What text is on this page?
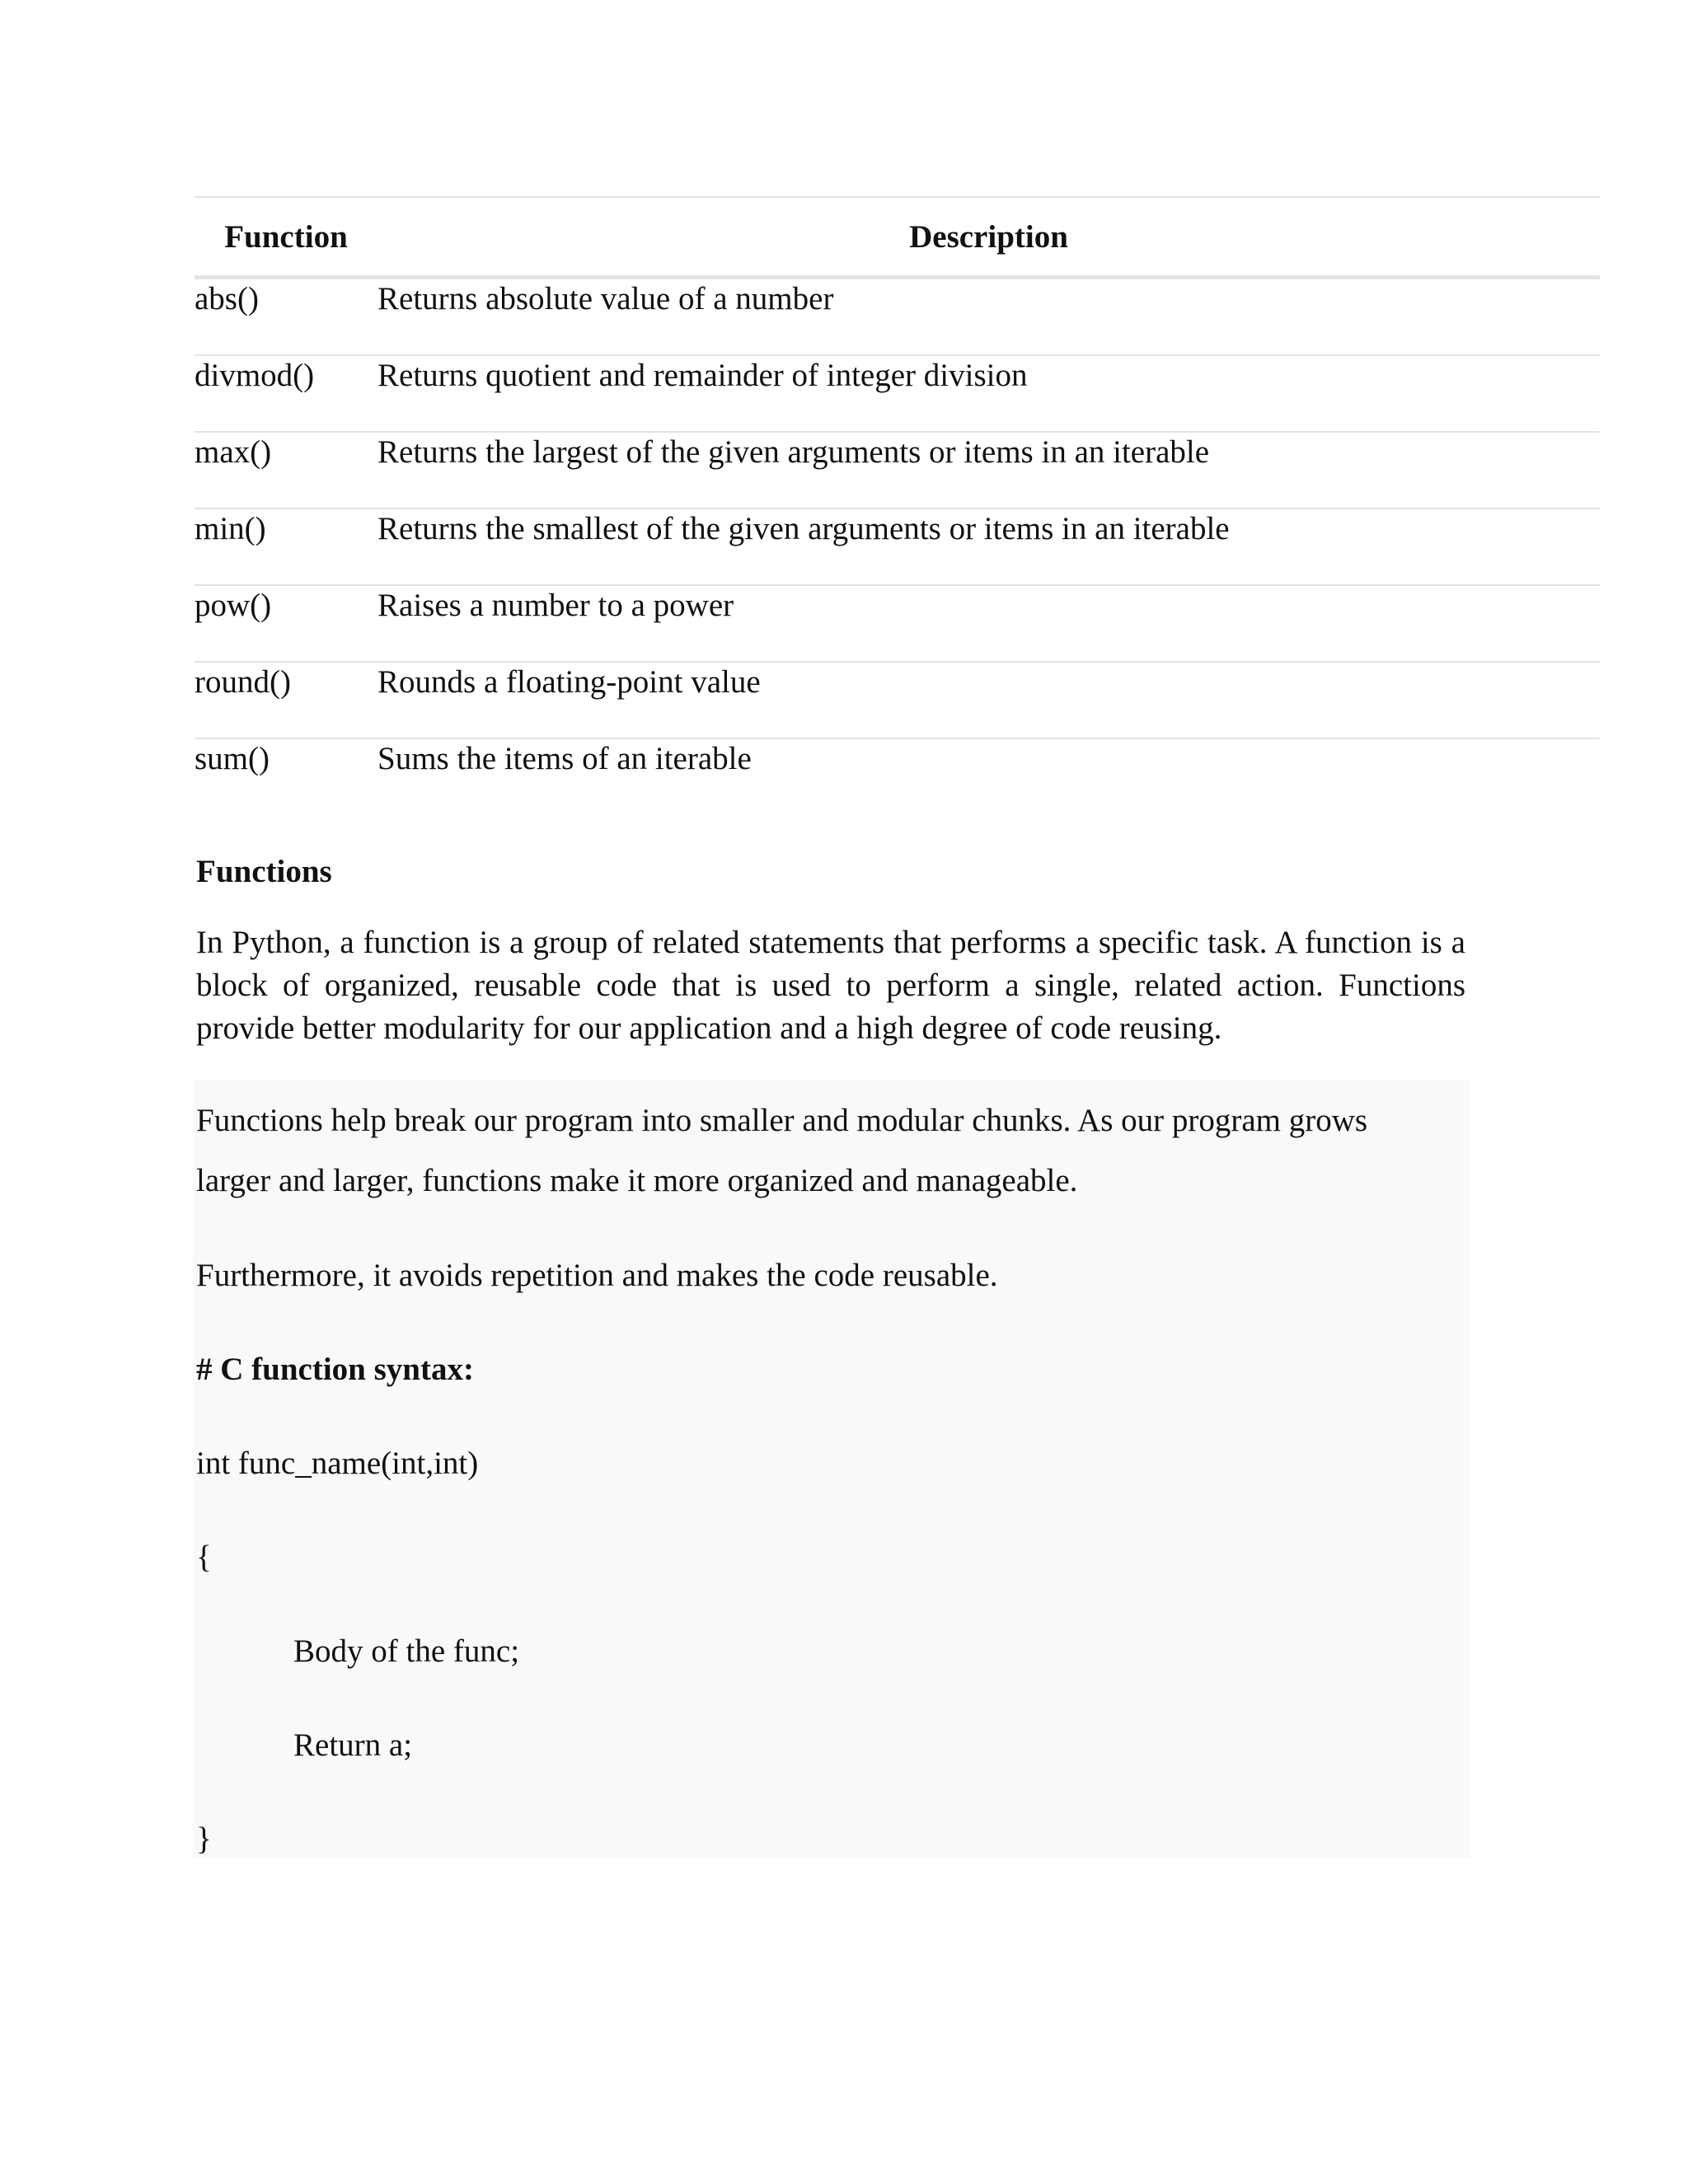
Function	Description
abs()	Returns absolute value of a number
divmod()	Returns quotient and remainder of integer division
max()	Returns the largest of the given arguments or items in an iterable
min()	Returns the smallest of the given arguments or items in an iterable
pow()	Raises a number to a power
round()	Rounds a floating-point value
sum()	Sums the items of an iterable
Functions

In Python, a function is a group of related statements that performs a specific task. A function is a block of organized, reusable code that is used to perform a single, related action. Functions provide better modularity for our application and a high degree of code reusing.

Functions help break our program into smaller and modular chunks. As our program grows

larger and larger, functions make it more organized and manageable.

Furthermore, it avoids repetition and makes the code reusable.

# C function syntax:

int func_name(int,int)

{

Body of the func;

Return a;

}
